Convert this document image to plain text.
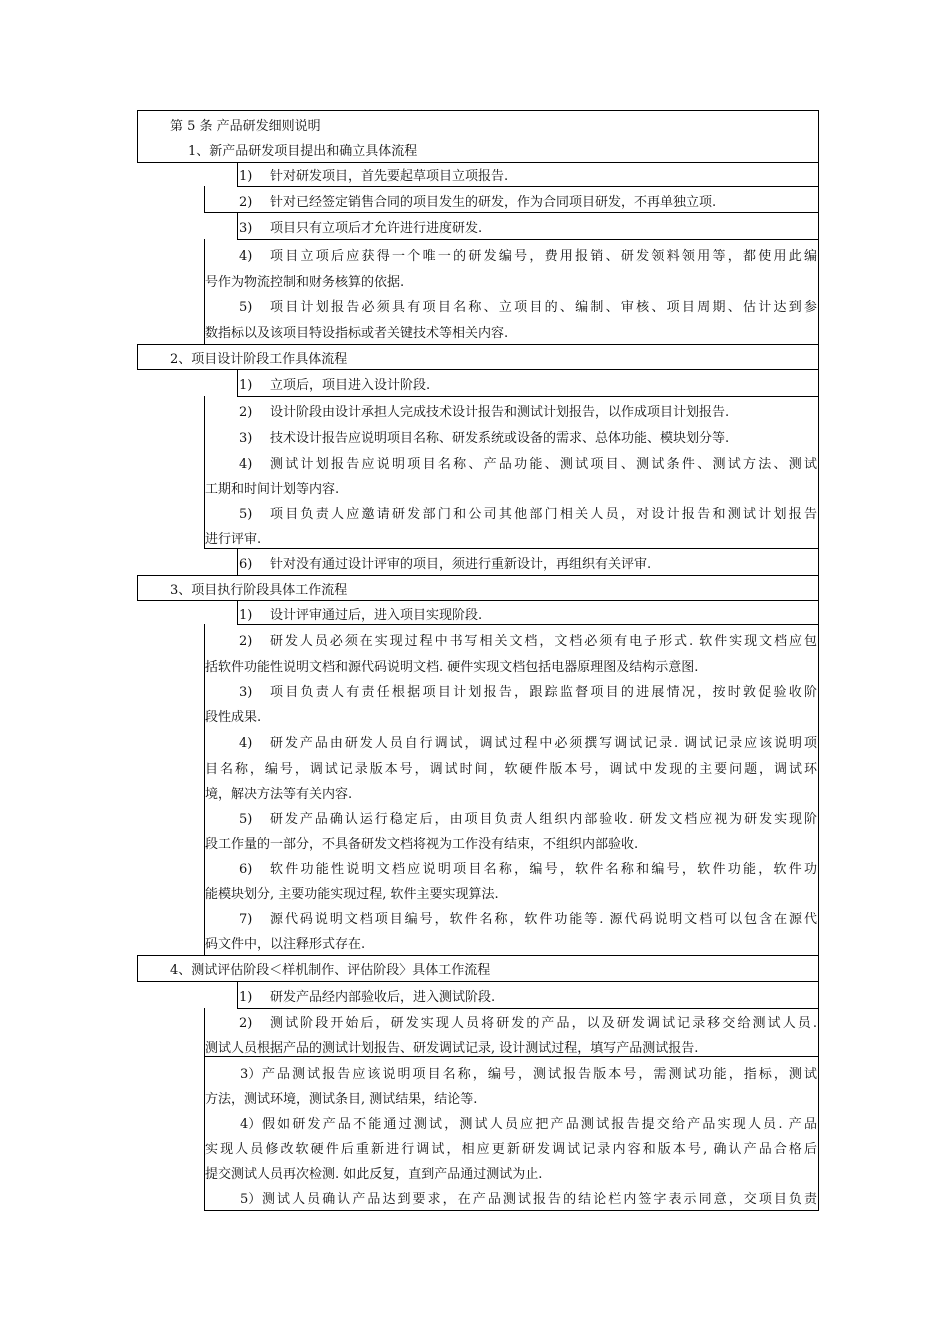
第 5 条 产品研发细则说明
1、新产品研发项目提出和确立具体流程
1) 针对研发项目，首先要起草项目立项报告.
2) 针对已经签定销售合同的项目发生的研发，作为合同项目研发，不再单独立项.
3) 项目只有立项后才允许进行进度研发.
4) 项目立项后应获得一个唯一的研发编号，费用报销、研发领料领用等，都使用此编
号作为物流控制和财务核算的依据.
5) 项目计划报告必须具有项目名称、立项目的、编制、审核、项目周期、估计达到参
数指标以及该项目特设指标或者关键技术等相关内容.
2、项目设计阶段工作具体流程
1) 立项后，项目进入设计阶段.
2) 设计阶段由设计承担人完成技术设计报告和测试计划报告，以作成项目计划报告.
3) 技术设计报告应说明项目名称、研发系统或设备的需求、总体功能、模块划分等.
4) 测试计划报告应说明项目名称、产品功能、测试项目、测试条件、测试方法、测试
工期和时间计划等内容.
5) 项目负责人应邀请研发部门和公司其他部门相关人员，对设计报告和测试计划报告
进行评审.
6) 针对没有通过设计评审的项目，须进行重新设计，再组织有关评审.
3、项目执行阶段具体工作流程
1) 设计评审通过后，进入项目实现阶段.
2) 研发人员必须在实现过程中书写相关文档，文档必须有电子形式. 软件实现文档应包
括软件功能性说明文档和源代码说明文档. 硬件实现文档包括电器原理图及结构示意图.
3) 项目负责人有责任根据项目计划报告，跟踪监督项目的进展情况，按时敦促验收阶
段性成果.
4) 研发产品由研发人员自行调试，调试过程中必须撰写调试记录. 调试记录应该说明项
目名称，编号，调试记录版本号，调试时间，软硬件版本号，调试中发现的主要问题，调试环
境，解决方法等有关内容.
5) 研发产品确认运行稳定后，由项目负责人组织内部验收. 研发文档应视为研发实现阶
段工作量的一部分，不具备研发文档将视为工作没有结束，不组织内部验收.
6) 软件功能性说明文档应说明项目名称，编号，软件名称和编号，软件功能，软件功
能模块划分, 主要功能实现过程, 软件主要实现算法.
7) 源代码说明文档项目编号，软件名称，软件功能等. 源代码说明文档可以包含在源代
码文件中，以注释形式存在.
4、测试评估阶段＜样机制作、评估阶段〉具体工作流程
1) 研发产品经内部验收后，进入测试阶段.
2) 测试阶段开始后，研发实现人员将研发的产品，以及研发调试记录移交给测试人员.
测试人员根据产品的测试计划报告、研发调试记录, 设计测试过程，填写产品测试报告.
3） 产品测试报告应该说明项目名称，编号，测试报告版本号，需测试功能，指标，测试
方法，测试环境，测试条目, 测试结果，结论等.
4） 假如研发产品不能通过测试，测试人员应把产品测试报告提交给产品实现人员. 产品
实现人员修改软硬件后重新进行调试，相应更新研发调试记录内容和版本号, 确认产品合格后
提交测试人员再次检测. 如此反复，直到产品通过测试为止.
5） 测试人员确认产品达到要求，在产品测试报告的结论栏内签字表示同意，交项目负责
